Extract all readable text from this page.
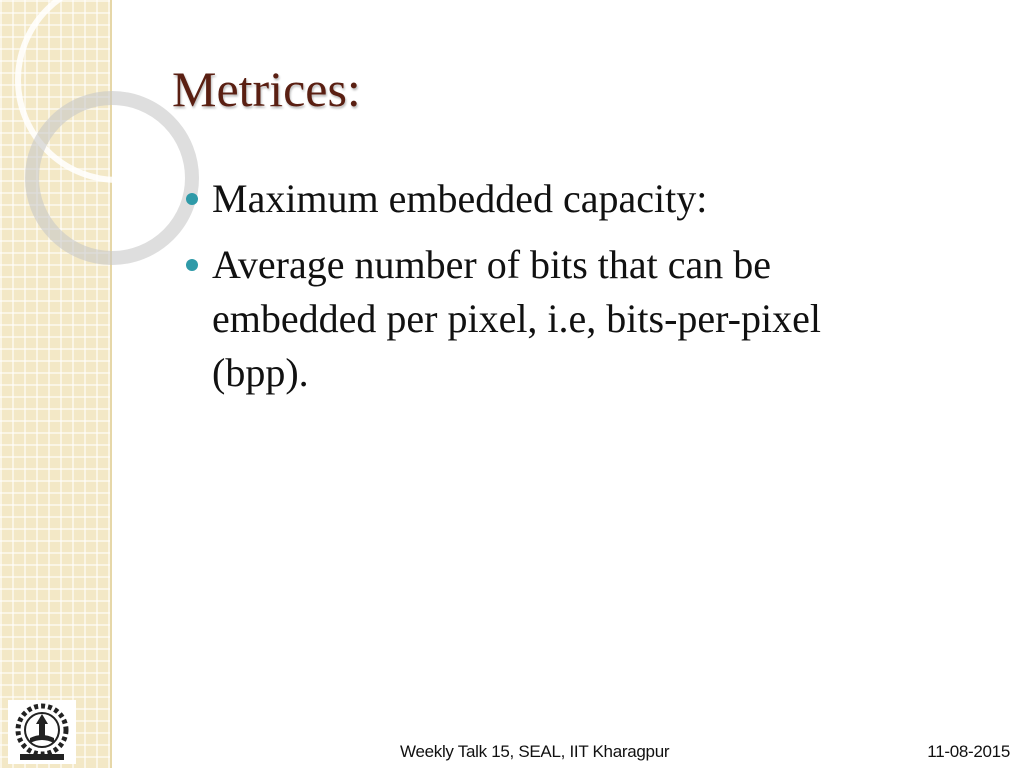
Metrices:
Maximum embedded capacity:
Average number of bits that can be embedded per pixel, i.e, bits-per-pixel (bpp).
Weekly Talk 15, SEAL, IIT Kharagpur	11-08-2015
